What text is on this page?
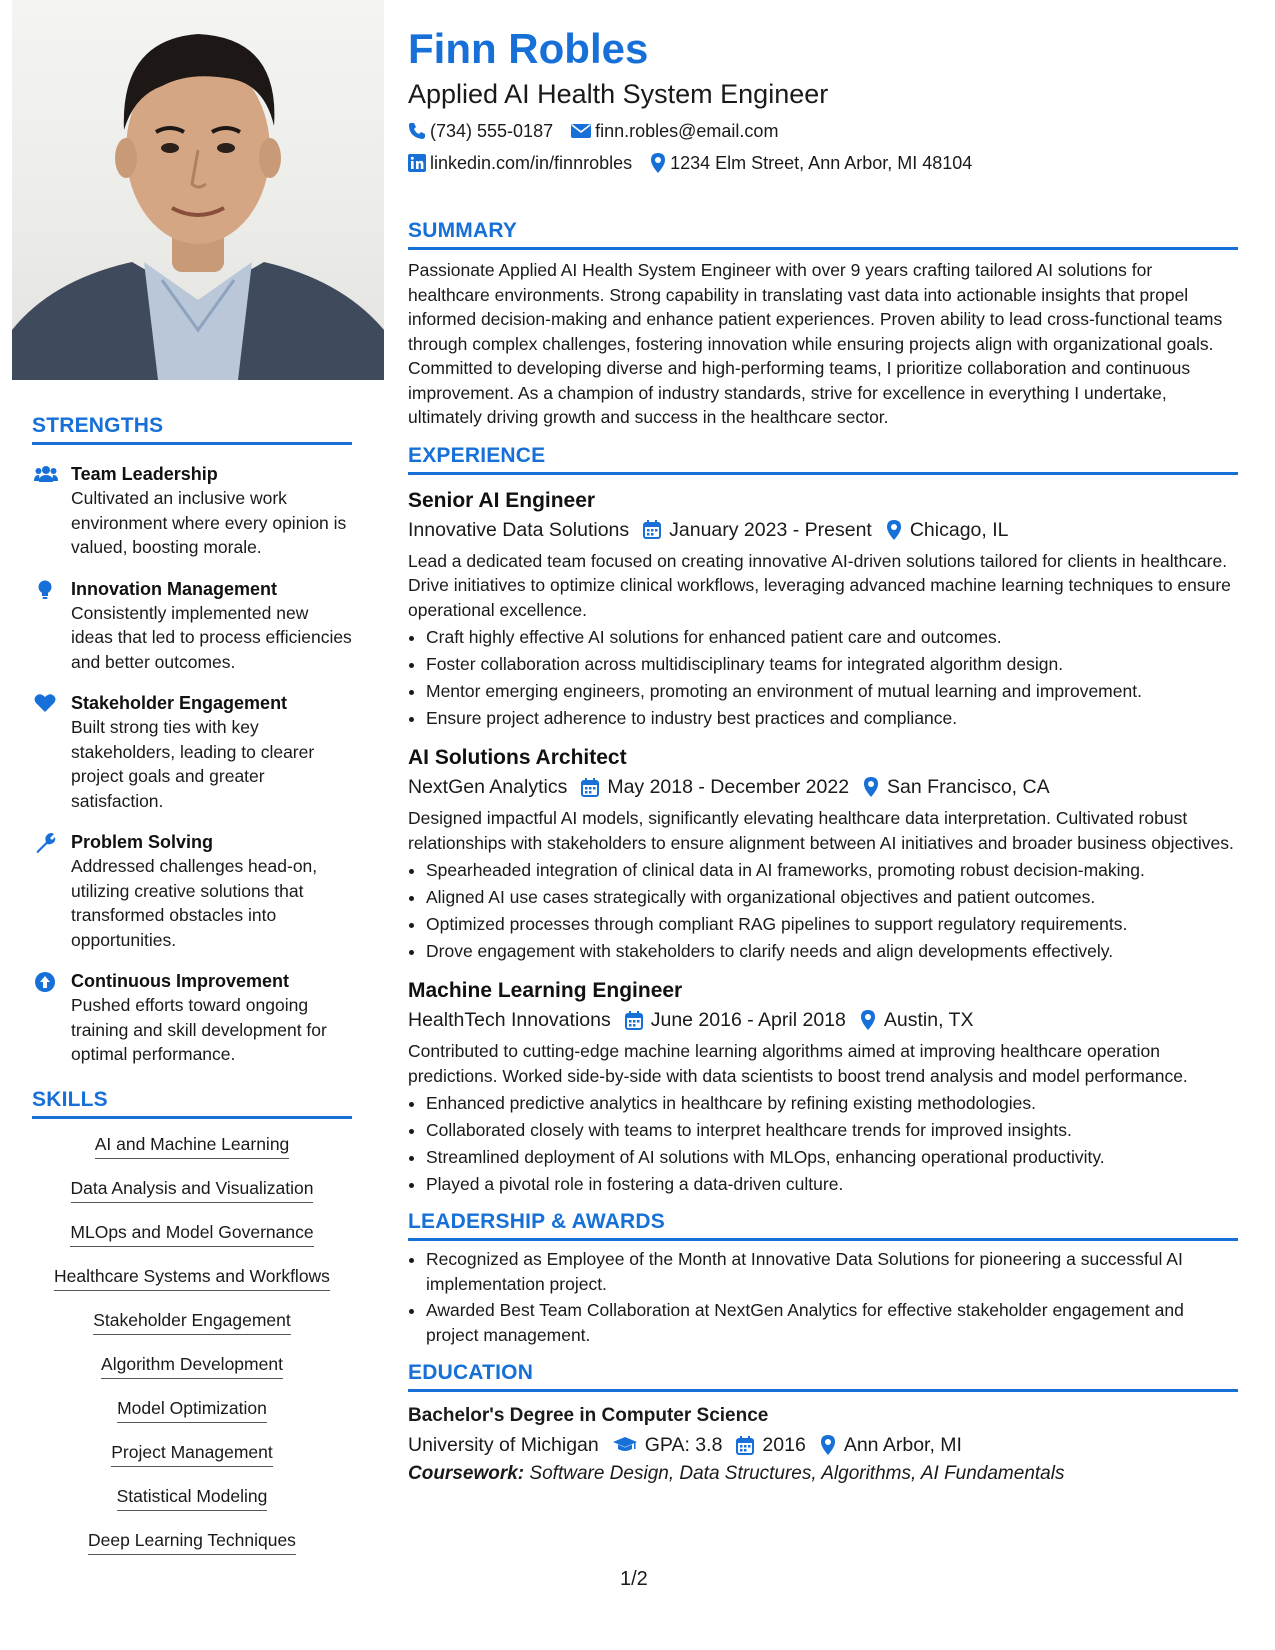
STRENGTHS
Team Leadership
Cultivated an inclusive work environment where every opinion is valued, boosting morale.
Innovation Management
Consistently implemented new ideas that led to process efficiencies and better outcomes.
Stakeholder Engagement
Built strong ties with key stakeholders, leading to clearer project goals and greater satisfaction.
Problem Solving
Addressed challenges head-on, utilizing creative solutions that transformed obstacles into opportunities.
Continuous Improvement
Pushed efforts toward ongoing training and skill development for optimal performance.
SKILLS
AI and Machine Learning
Data Analysis and Visualization
MLOps and Model Governance
Healthcare Systems and Workflows
Stakeholder Engagement
Algorithm Development
Model Optimization
Project Management
Statistical Modeling
Deep Learning Techniques
Finn Robles
Applied AI Health System Engineer
(734) 555-0187 finn.robles@email.com
linkedin.com/in/finnrobles 1234 Elm Street, Ann Arbor, MI 48104
SUMMARY
Passionate Applied AI Health System Engineer with over 9 years crafting tailored AI solutions for healthcare environments. Strong capability in translating vast data into actionable insights that propel informed decision-making and enhance patient experiences. Proven ability to lead cross-functional teams through complex challenges, fostering innovation while ensuring projects align with organizational goals. Committed to developing diverse and high-performing teams, I prioritize collaboration and continuous improvement. As a champion of industry standards, strive for excellence in everything I undertake, ultimately driving growth and success in the healthcare sector.
EXPERIENCE
Senior AI Engineer
Innovative Data Solutions January 2023 - Present Chicago, IL
Lead a dedicated team focused on creating innovative AI-driven solutions tailored for clients in healthcare. Drive initiatives to optimize clinical workflows, leveraging advanced machine learning techniques to ensure operational excellence.
• Craft highly effective AI solutions for enhanced patient care and outcomes.
• Foster collaboration across multidisciplinary teams for integrated algorithm design.
• Mentor emerging engineers, promoting an environment of mutual learning and improvement.
• Ensure project adherence to industry best practices and compliance.
AI Solutions Architect
NextGen Analytics May 2018 - December 2022 San Francisco, CA
Designed impactful AI models, significantly elevating healthcare data interpretation. Cultivated robust relationships with stakeholders to ensure alignment between AI initiatives and broader business objectives.
• Spearheaded integration of clinical data in AI frameworks, promoting robust decision-making.
• Aligned AI use cases strategically with organizational objectives and patient outcomes.
• Optimized processes through compliant RAG pipelines to support regulatory requirements.
• Drove engagement with stakeholders to clarify needs and align developments effectively.
Machine Learning Engineer
HealthTech Innovations June 2016 - April 2018 Austin, TX
Contributed to cutting-edge machine learning algorithms aimed at improving healthcare operation predictions. Worked side-by-side with data scientists to boost trend analysis and model performance.
• Enhanced predictive analytics in healthcare by refining existing methodologies.
• Collaborated closely with teams to interpret healthcare trends for improved insights.
• Streamlined deployment of AI solutions with MLOps, enhancing operational productivity.
• Played a pivotal role in fostering a data-driven culture.
LEADERSHIP & AWARDS
• Recognized as Employee of the Month at Innovative Data Solutions for pioneering a successful AI implementation project.
• Awarded Best Team Collaboration at NextGen Analytics for effective stakeholder engagement and project management.
EDUCATION
Bachelor's Degree in Computer Science
University of Michigan GPA: 3.8 2016 Ann Arbor, MI
Coursework: Software Design, Data Structures, Algorithms, AI Fundamentals
1/2
